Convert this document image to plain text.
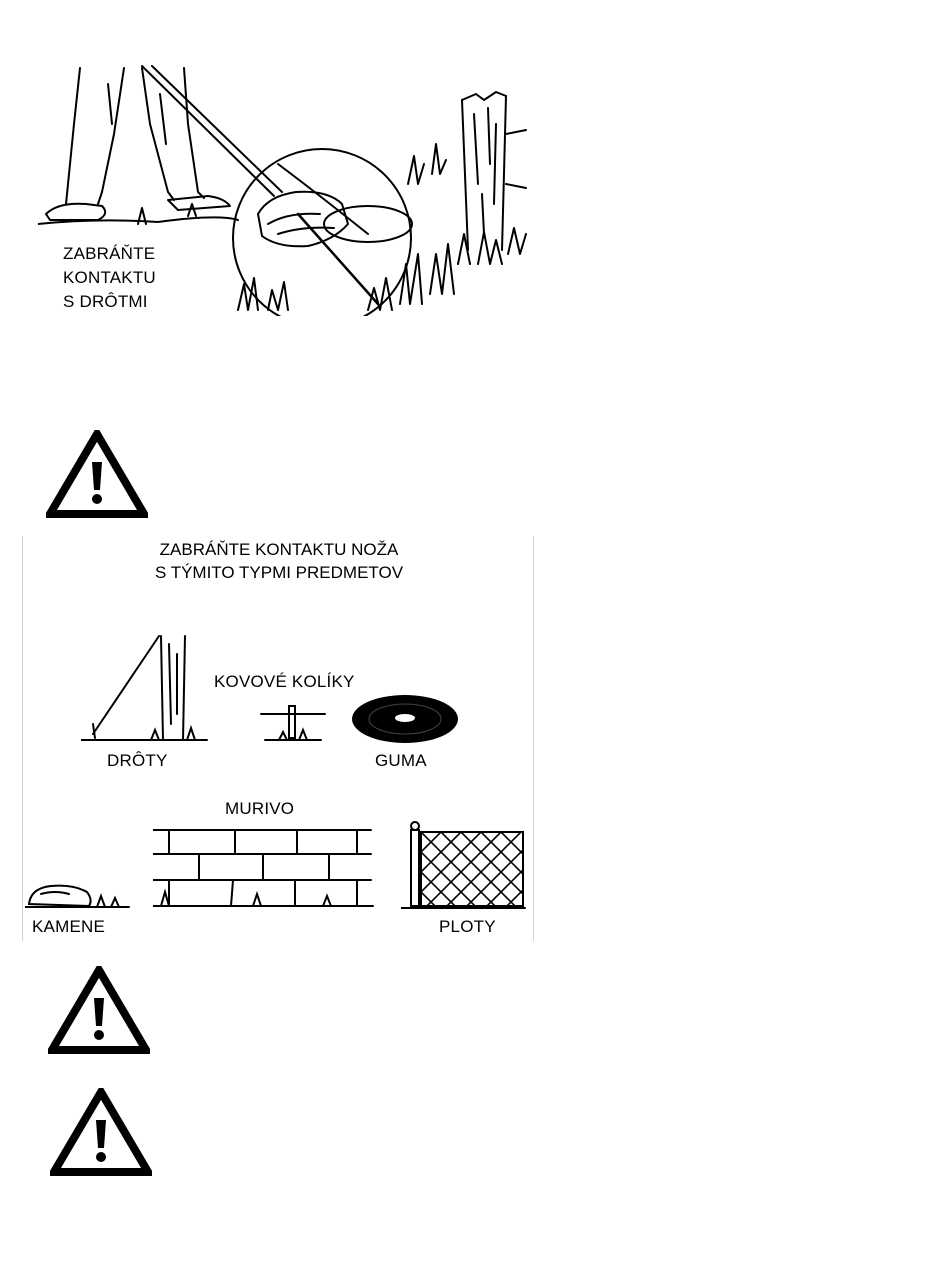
ZABRÁŇTE
KONTAKTU
S DRÔTMI
ZABRÁŇTE KONTAKTU NOŽA
S TÝMITO TYPMI PREDMETOV
DRÔTY
KOVOVÉ KOLÍKY
GUMA
MURIVO
KAMENE	PLOTY
